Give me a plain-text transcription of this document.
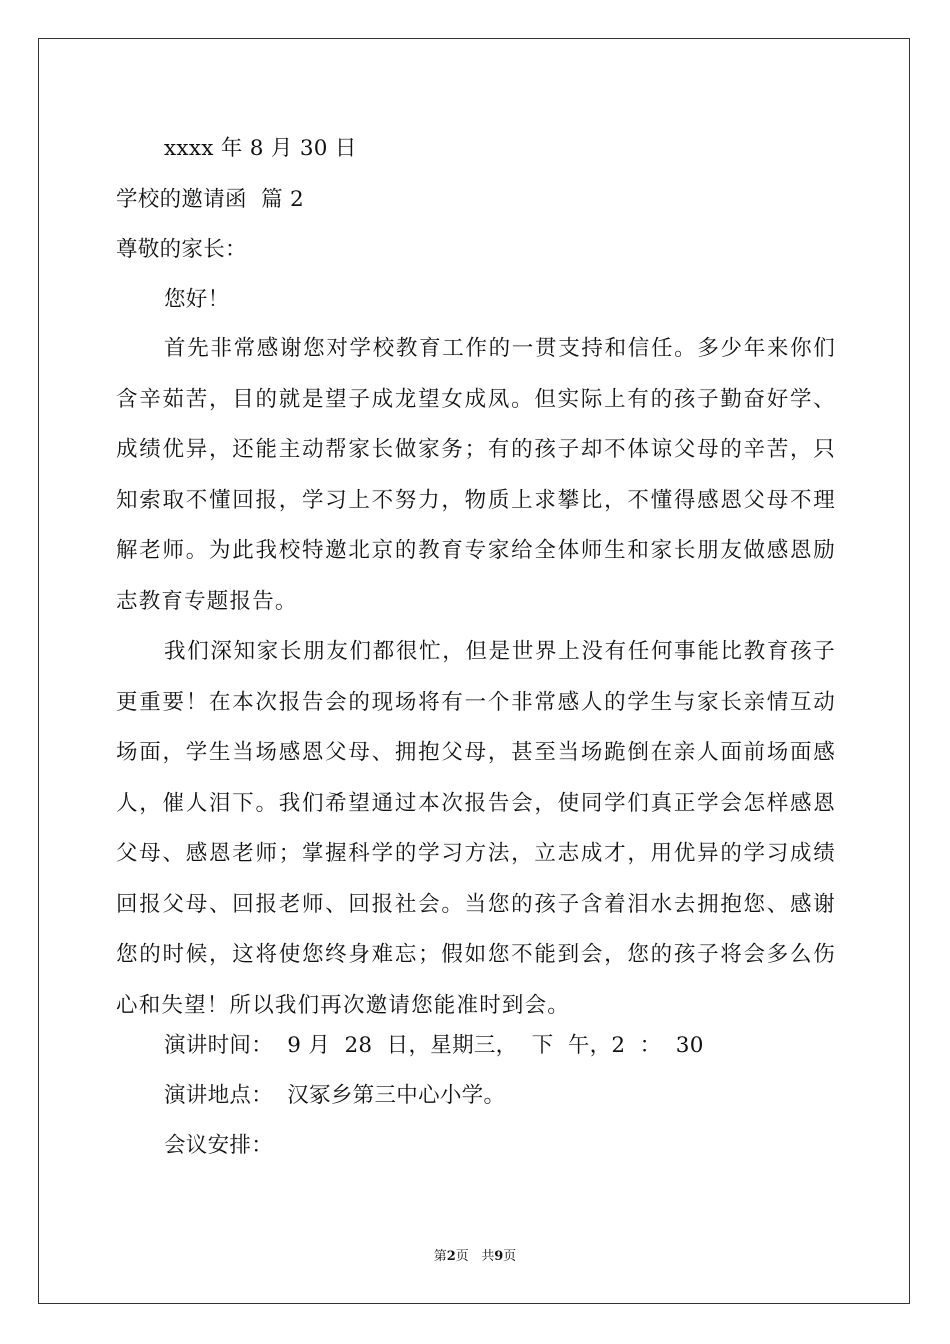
xxxx 年 8 月 30 日
学校的邀请函  篇 2
尊敬的家长：
您好！

首先非常感谢您对学校教育工作的一贯支持和信任。多少年来你们含辛茹苦，目的就是望子成龙望女成凤。但实际上有的孩子勤奋好学、成绩优异，还能主动帮家长做家务；有的孩子却不体谅父母的辛苦，只知索取不懂回报，学习上不努力，物质上求攀比，不懂得感恩父母不理解老师。为此我校特邀北京的教育专家给全体师生和家长朋友做感恩励志教育专题报告。

我们深知家长朋友们都很忙，但是世界上没有任何事能比教育孩子更重要！在本次报告会的现场将有一个非常感人的学生与家长亲情互动场面，学生当场感恩父母、拥抱父母，甚至当场跪倒在亲人面前场面感人，催人泪下。我们希望通过本次报告会，使同学们真正学会怎样感恩父母、感恩老师；掌握科学的学习方法，立志成才，用优异的学习成绩回报父母、回报老师、回报社会。当您的孩子含着泪水去拥抱您、感谢您的时候，这将使您终身难忘；假如您不能到会，您的孩子将会多么伤心和失望！所以我们再次邀请您能准时到会。

演讲时间：  9 月  28  日，星期三，  下  午，2  ：  30
演讲地点：  汉冢乡第三中心小学。
会议安排：
第2页 共9页
